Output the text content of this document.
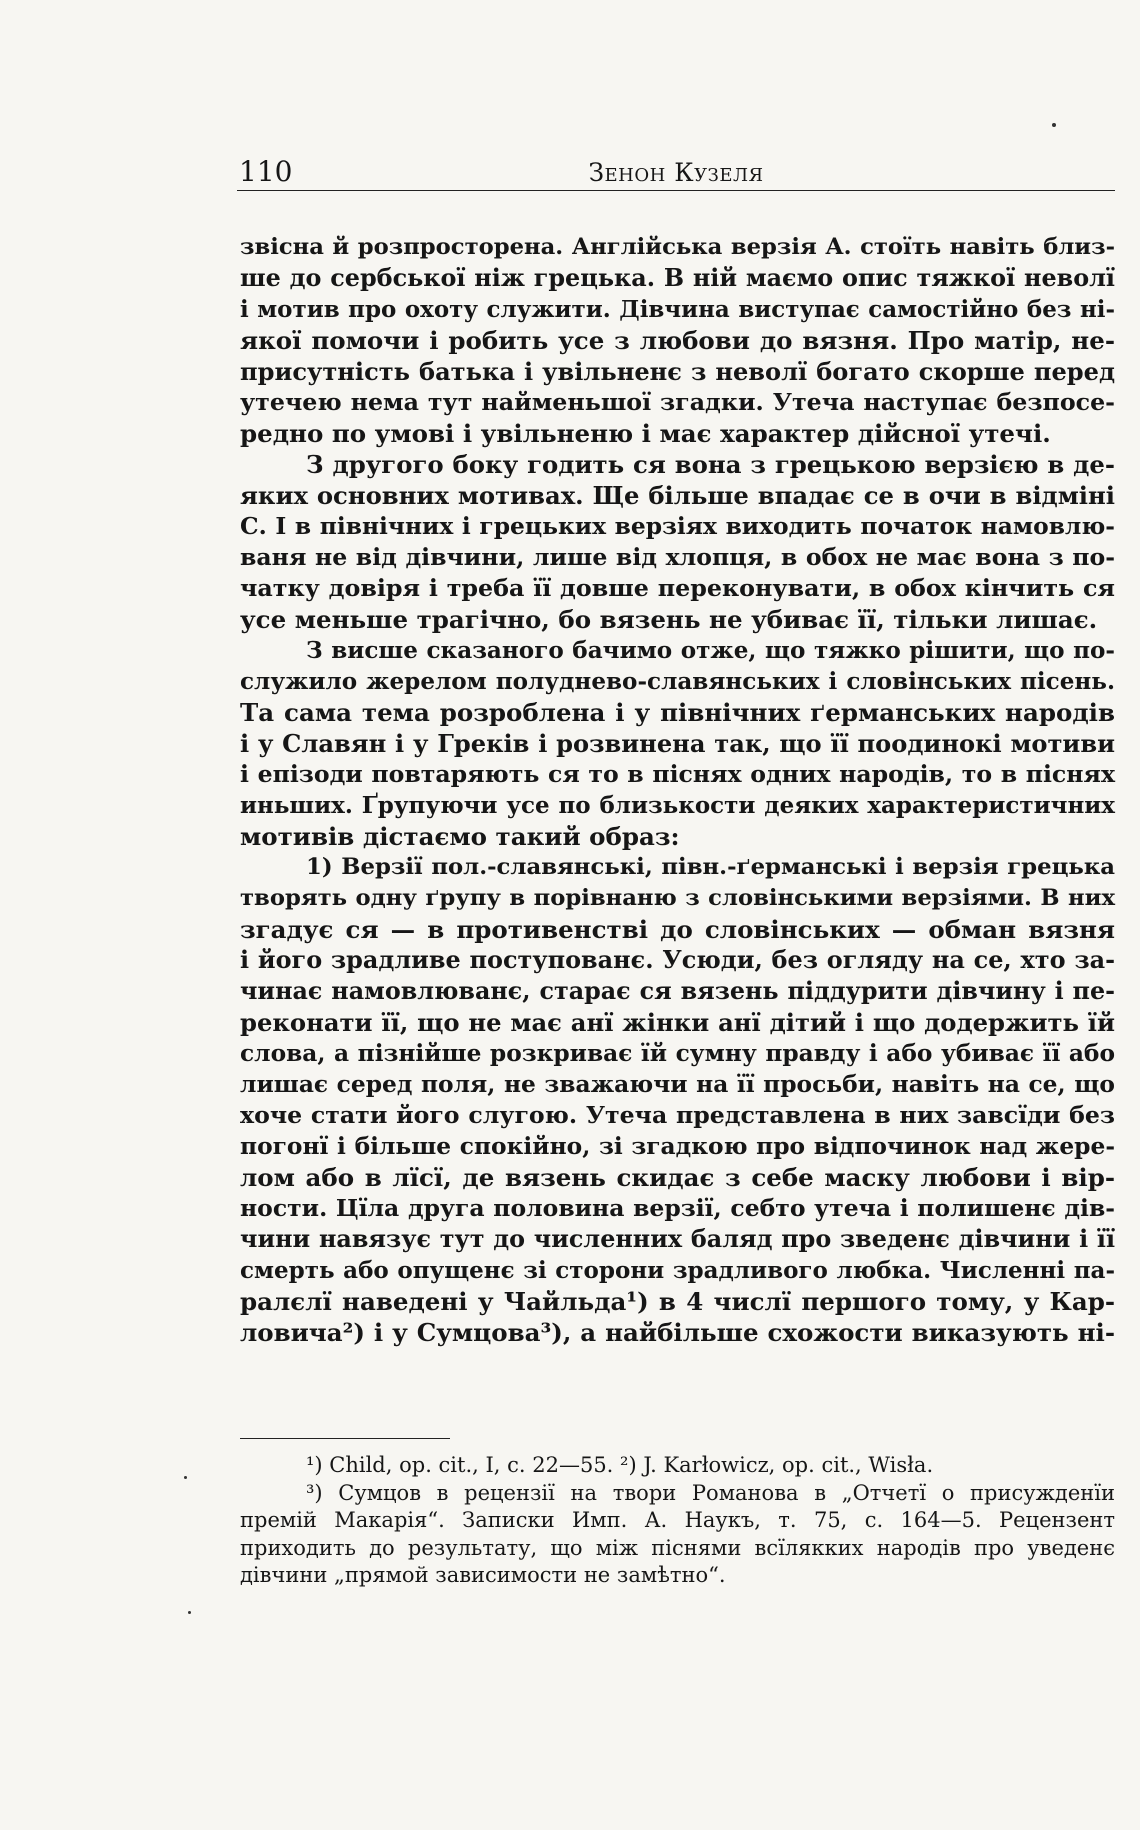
110	Зенон Кузеля
звісна й розпросторена. Англійська верзія А. стоїть навіть близ-
ше до сербської ніж грецька. В ній маємо опис тяжкої неволї
і мотив про охоту служити. Дівчина виступає самостійно без ні-
якої помочи і робить усе з любови до вязня. Про матір, не-
присутність батька і увільненє з неволї богато скорше перед
утечею нема тут найменьшої згадки. Утеча наступає безпосе-
редно по умові і увільненю і має характер дійсної утечі.
З другого боку годить ся вона з грецькою верзією в де-
яких основних мотивах. Ще більше впадає се в очи в відміні
С. І в північних і грецьких верзіях виходить початок намовлю-
ваня не від дівчини, лише від хлопця, в обох не має вона з по-
чатку довіря і треба її довше переконувати, в обох кінчить ся
усе меньше трагічно, бо вязень не убиває її, тільки лишає.
З висше сказаного бачимо отже, що тяжко рішити, що по-
служило жерелом полуднево-славянських і словінських пісень.
Та сама тема розроблена і у північних ґерманських народів
і у Славян і у Греків і розвинена так, що її поодинокі мотиви
і епізоди повтаряють ся то в піснях одних народів, то в піснях
иньших. Ґрупуючи усе по близькости деяких характеристичних
мотивів дістаємо такий образ:
1) Верзії пол.-славянські, півн.-ґерманські і верзія грецька
творять одну ґрупу в порівнаню з словінськими верзіями. В них
згадує ся — в противенстві до словінських — обман вязня
і його зрадливе поступованє. Усюди, без огляду на се, хто за-
чинає намовлюванє, старає ся вязень піддурити дівчину і пе-
реконати її, що не має анї жінки анї дітий і що додержить їй
слова, а пізнійше розкриває їй сумну правду і або убиває її або
лишає серед поля, не зважаючи на її просьби, навіть на се, що
хоче стати його слугою. Утеча представлена в них завсїди без
погонї і більше спокійно, зі згадкою про відпочинок над жере-
лом або в лїсї, де вязень скидає з себе маску любови і вір-
ности. Цїла друга половина верзії, себто утеча і полишенє дів-
чини навязує тут до численних баляд про зведенє дівчини і її
смерть або опущенє зі сторони зрадливого любка. Численні па-
ралєлї наведені у Чайльда¹) в 4 числї першого тому, у Кар-
ловича²) і у Сумцова³), а найбільше схожости виказують ні-
¹) Child, op. cit., I, с. 22—55. ²) J. Karłowicz, op. cit., Wisła.
³) Сумцов в рецензії на твори Романова в „Отчетї о присужденїи
премій Макарія“. Записки Имп. А. Наукъ, т. 75, с. 164—5. Рецензент
приходить до результату, що між піснями всїлякких народів про уведенє
дівчини „прямой зависимости не замѣтно“.
